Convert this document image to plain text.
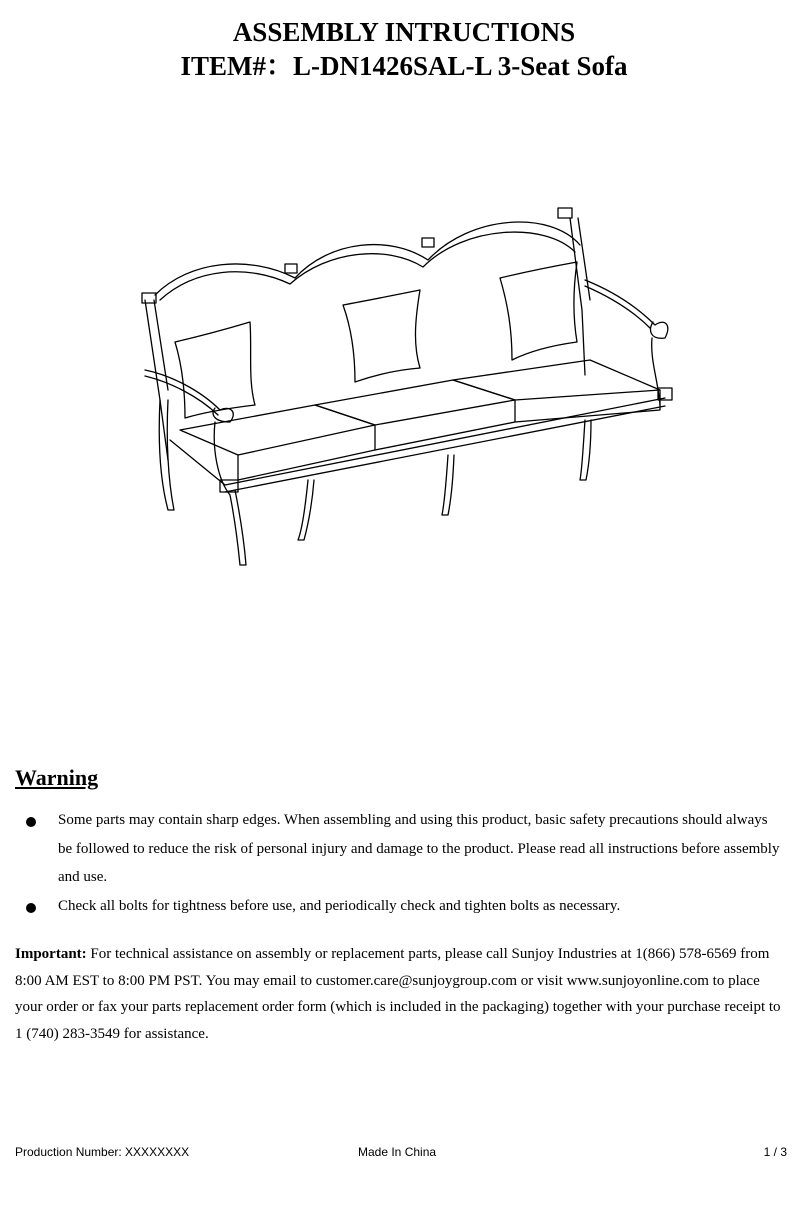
ASSEMBLY INTRUCTIONS
ITEM#：L-DN1426SAL-L 3-Seat Sofa
Warning

Some parts may contain sharp edges. When assembling and using this product, basic safety precautions should always be followed to reduce the risk of personal injury and damage to the product. Please read all instructions before assembly and use.

Check all bolts for tightness before use, and periodically check and tighten bolts as necessary.

Important: For technical assistance on assembly or replacement parts, please call Sunjoy Industries at 1(866) 578-6569 from 8:00 AM EST to 8:00 PM PST. You may email to customer.care@sunjoygroup.com or visit www.sunjoyonline.com to place your order or fax your parts replacement order form (which is included in the packaging) together with your purchase receipt to 1 (740) 283-3549 for assistance.

Production Number: XXXXXXXX	Made In China	1 / 3
